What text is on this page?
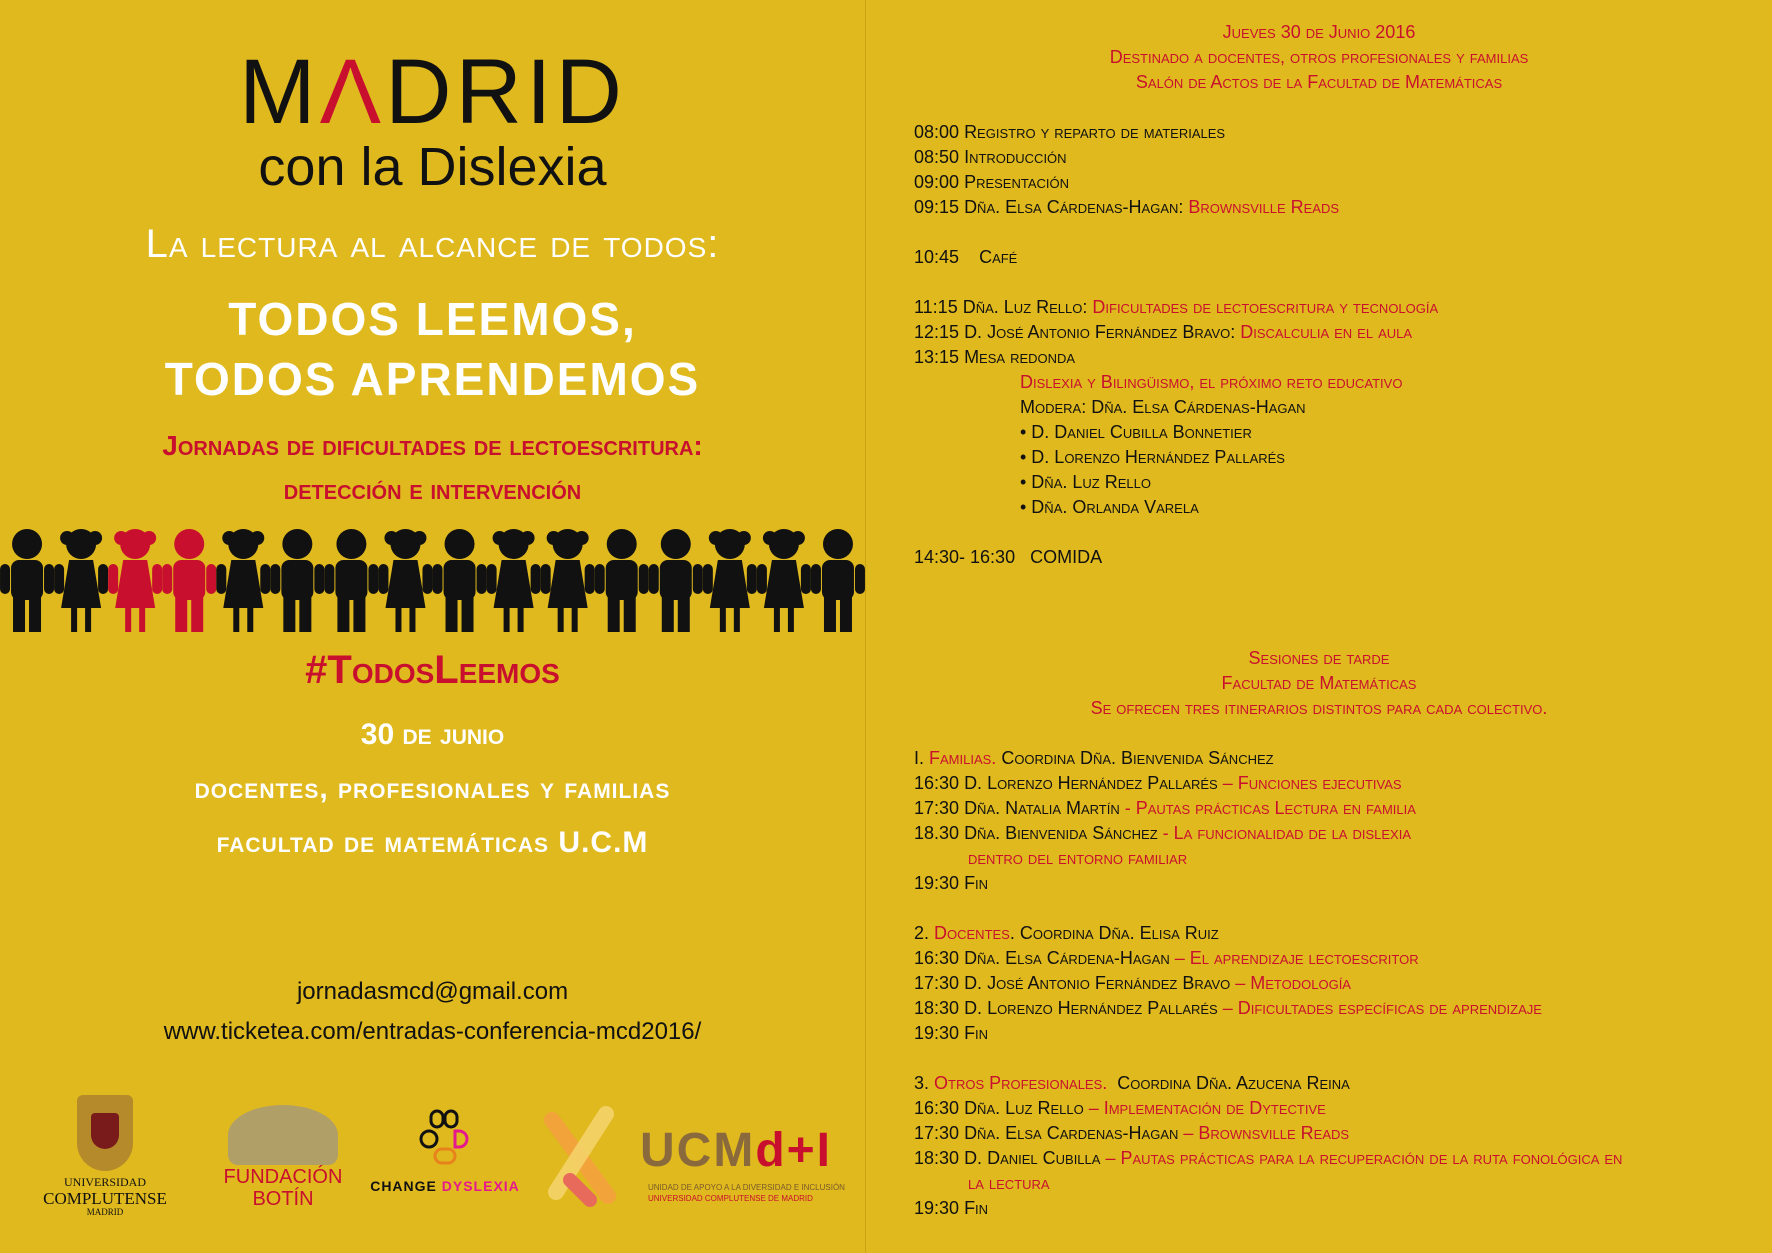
MΛDRID
con la Dislexia
La lectura al alcance de todos:
TODOS LEEMOS,
TODOS APRENDEMOS
Jornadas de dificultades de lectoescritura:
detección e intervención
#TodosLeemos
30 de junio
docentes, profesionales y familias
facultad de matemáticas U.C.M
jornadasmcd@gmail.com
www.ticketea.com/entradas-conferencia-mcd2016/
UNIVERSIDAD
COMPLUTENSE
MADRID
FUNDACIÓN
BOTÍN
CHANGE DYSLEXIA
UCMd+I
UNIDAD DE APOYO A LA DIVERSIDAD E INCLUSIÓN
UNIVERSIDAD COMPLUTENSE DE MADRID
Jueves 30 de Junio 2016
Destinado a docentes, otros profesionales y familias
Salón de Actos de la Facultad de Matemáticas
08:00 Registro y reparto de materiales
08:50 Introducción
09:00 Presentación
09:15 Dña. Elsa Cárdenas-Hagan: Brownsville Reads
10:45    Café
11:15 Dña. Luz Rello: Dificultades de lectoescritura y tecnología
12:15 D. José Antonio Fernández Bravo: Discalculia en el aula
13:15 Mesa redonda
Dislexia y Bilingüismo, el próximo reto educativo
Modera: Dña. Elsa Cárdenas-Hagan
• D. Daniel Cubilla Bonnetier
• D. Lorenzo Hernández Pallarés
• Dña. Luz Rello
• Dña. Orlanda Varela
14:30- 16:30 COMIDA
Sesiones de tarde
Facultad de Matemáticas
Se ofrecen tres itinerarios distintos para cada colectivo.
I. Familias. Coordina Dña. Bienvenida Sánchez
16:30 D. Lorenzo Hernández Pallarés – Funciones ejecutivas
17:30 Dña. Natalia Martín - Pautas prácticas Lectura en familia
18.30 Dña. Bienvenida Sánchez - La funcionalidad de la dislexia
dentro del entorno familiar
19:30 Fin
2. Docentes. Coordina Dña. Elisa Ruiz
16:30 Dña. Elsa Cárdena-Hagan – El aprendizaje lectoescritor
17:30 D. José Antonio Fernández Bravo – Metodología
18:30 D. Lorenzo Hernández Pallarés – Dificultades específicas de aprendizaje
19:30 Fin
3. Otros Profesionales.  Coordina Dña. Azucena Reina
16:30 Dña. Luz Rello – Implementación de Dytective
17:30 Dña. Elsa Cardenas-Hagan – Brownsville Reads
18:30 D. Daniel Cubilla – Pautas prácticas para la recuperación de la ruta fonológica en
la lectura
19:30 Fin
